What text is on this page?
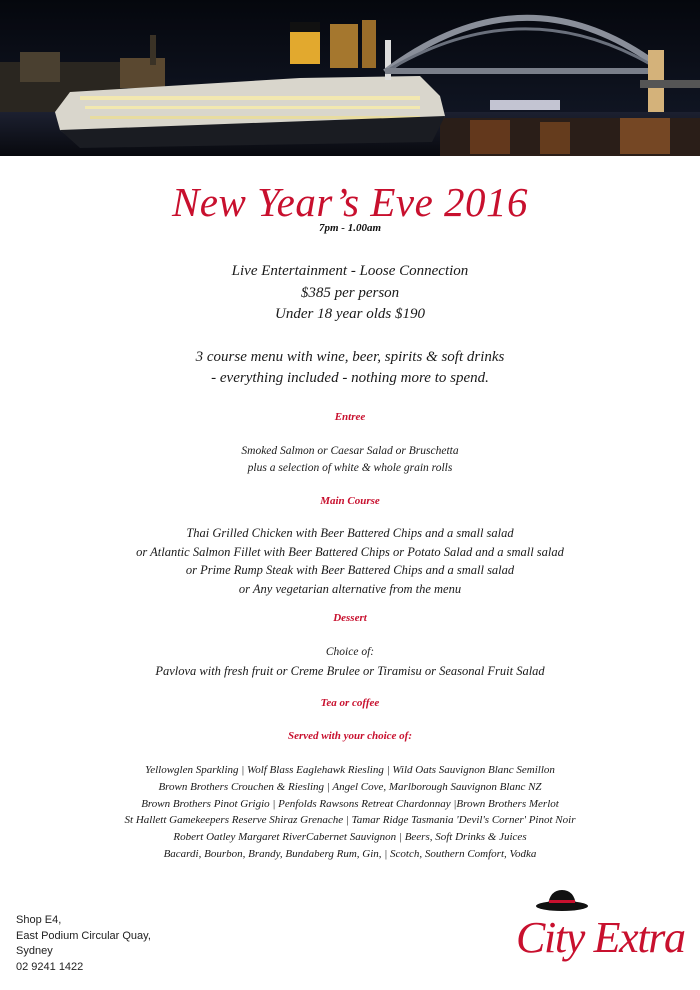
New Year’s Eve 2016
7pm - 1.00am
Live Entertainment - Loose Connection
$385 per person
Under 18 year olds $190
3 course menu with wine, beer, spirits & soft drinks
- everything included - nothing more to spend.
Entree
Smoked Salmon or Caesar Salad or Bruschetta
plus a selection of white & whole grain rolls
Main Course
Thai Grilled Chicken with Beer Battered Chips and a small salad
or Atlantic Salmon Fillet with Beer Battered Chips or Potato Salad and a small salad
or Prime Rump Steak with Beer Battered Chips and a small salad
or Any vegetarian alternative from the menu
Dessert
Choice of:
Pavlova with fresh fruit or Creme Brulee or Tiramisu or Seasonal Fruit Salad
Tea or coffee
Served with your choice of:
Yellowglen Sparkling | Wolf Blass Eaglehawk Riesling | Wild Oats Sauvignon Blanc Semillon
Brown Brothers Crouchen & Riesling | Angel Cove, Marlborough Sauvignon Blanc NZ
Brown Brothers Pinot Grigio | Penfolds Rawsons Retreat Chardonnay |Brown Brothers Merlot
St Hallett Gamekeepers Reserve Shiraz Grenache | Tamar Ridge Tasmania 'Devil's Corner' Pinot Noir
Robert Oatley Margaret RiverCabernet Sauvignon | Beers, Soft Drinks & Juices
Bacardi, Bourbon, Brandy, Bundaberg Rum, Gin, | Scotch, Southern Comfort, Vodka
Shop E4,
East Podium Circular Quay,
Sydney
02 9241 1422
City Extra
